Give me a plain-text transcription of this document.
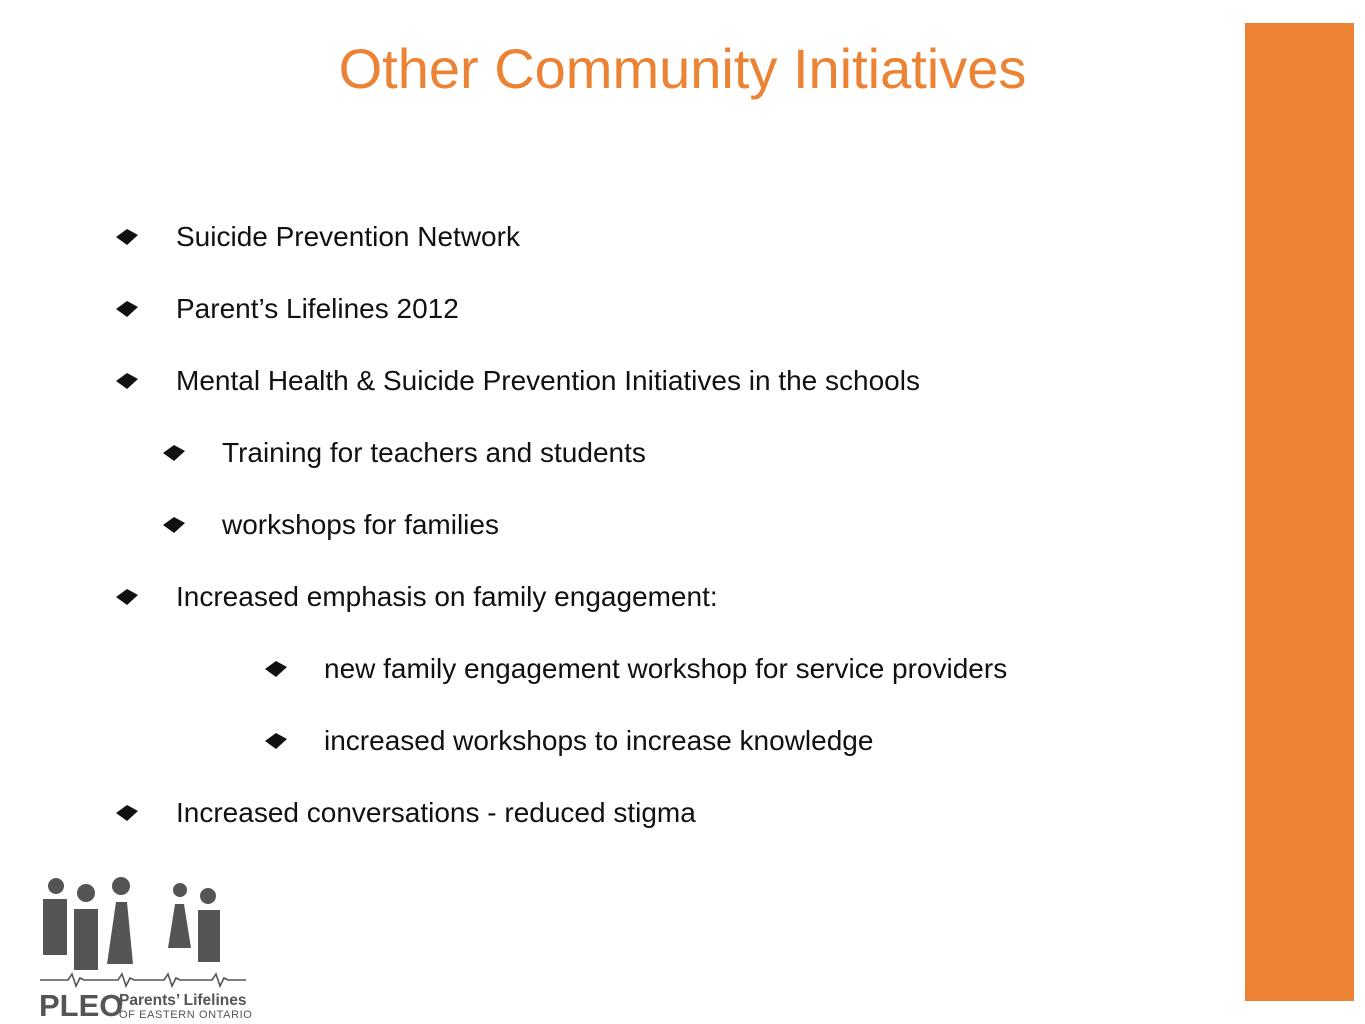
Other Community Initiatives
Suicide Prevention Network
Parent’s Lifelines 2012
Mental Health & Suicide Prevention Initiatives in the schools
Training for teachers and students
workshops for families
Increased emphasis on family engagement:
new family engagement workshop for service providers
increased workshops to increase knowledge
Increased conversations - reduced stigma
PLEO
Parents’ Lifelines
OF EASTERN ONTARIO
